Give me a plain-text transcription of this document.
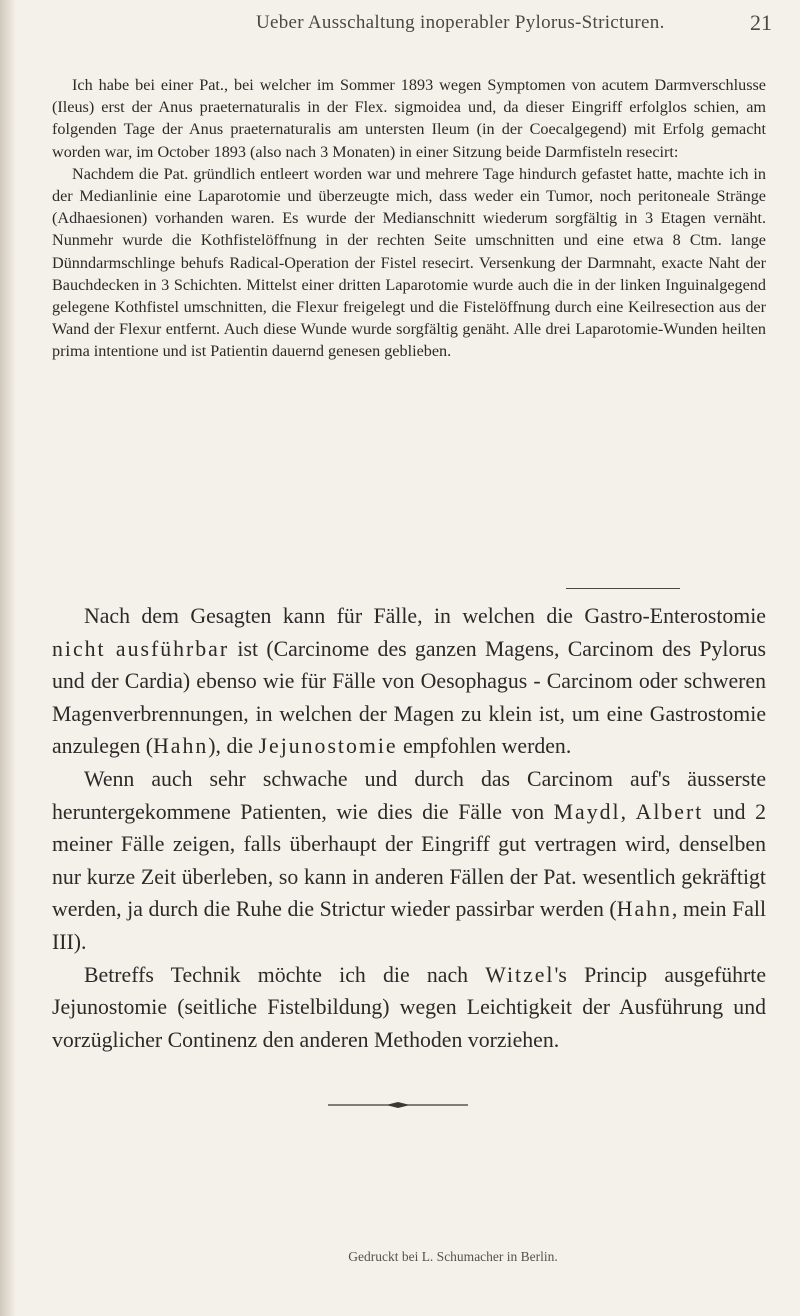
Ueber Ausschaltung inoperabler Pylorus-Stricturen.	21

Ich habe bei einer Pat., bei welcher im Sommer 1893 wegen Symptomen von acutem Darmverschlusse (Ileus) erst der Anus praeternaturalis in der Flex. sigmoidea und, da dieser Eingriff erfolglos schien, am folgenden Tage der Anus praeternaturalis am untersten Ileum (in der Coecalgegend) mit Erfolg gemacht worden war, im October 1893 (also nach 3 Monaten) in einer Sitzung beide Darmfisteln resecirt:

Nachdem die Pat. gründlich entleert worden war und mehrere Tage hindurch gefastet hatte, machte ich in der Medianlinie eine Laparotomie und überzeugte mich, dass weder ein Tumor, noch peritoneale Stränge (Adhaesionen) vorhanden waren. Es wurde der Medianschnitt wiederum sorgfältig in 3 Etagen vernäht. Nunmehr wurde die Kothfistelöffnung in der rechten Seite umschnitten und eine etwa 8 Ctm. lange Dünndarmschlinge behufs Radical-Operation der Fistel resecirt. Versenkung der Darmnaht, exacte Naht der Bauchdecken in 3 Schichten. Mittelst einer dritten Laparotomie wurde auch die in der linken Inguinalgegend gelegene Kothfistel umschnitten, die Flexur freigelegt und die Fistelöffnung durch eine Keilresection aus der Wand der Flexur entfernt. Auch diese Wunde wurde sorgfältig genäht. Alle drei Laparotomie-Wunden heilten prima intentione und ist Patientin dauernd genesen geblieben.

Nach dem Gesagten kann für Fälle, in welchen die Gastro-Enterostomie nicht ausführbar ist (Carcinome des ganzen Magens, Carcinom des Pylorus und der Cardia) ebenso wie für Fälle von Oesophagus - Carcinom oder schweren Magenverbrennungen, in welchen der Magen zu klein ist, um eine Gastrostomie anzulegen (Hahn), die Jejunostomie empfohlen werden.

Wenn auch sehr schwache und durch das Carcinom auf's äusserste heruntergekommene Patienten, wie dies die Fälle von Maydl, Albert und 2 meiner Fälle zeigen, falls überhaupt der Eingriff gut vertragen wird, denselben nur kurze Zeit überleben, so kann in anderen Fällen der Pat. wesentlich gekräftigt werden, ja durch die Ruhe die Strictur wieder passirbar werden (Hahn, mein Fall III).

Betreffs Technik möchte ich die nach Witzel's Princip ausgeführte Jejunostomie (seitliche Fistelbildung) wegen Leichtigkeit der Ausführung und vorzüglicher Continenz den anderen Methoden vorziehen.

Gedruckt bei L. Schumacher in Berlin.
